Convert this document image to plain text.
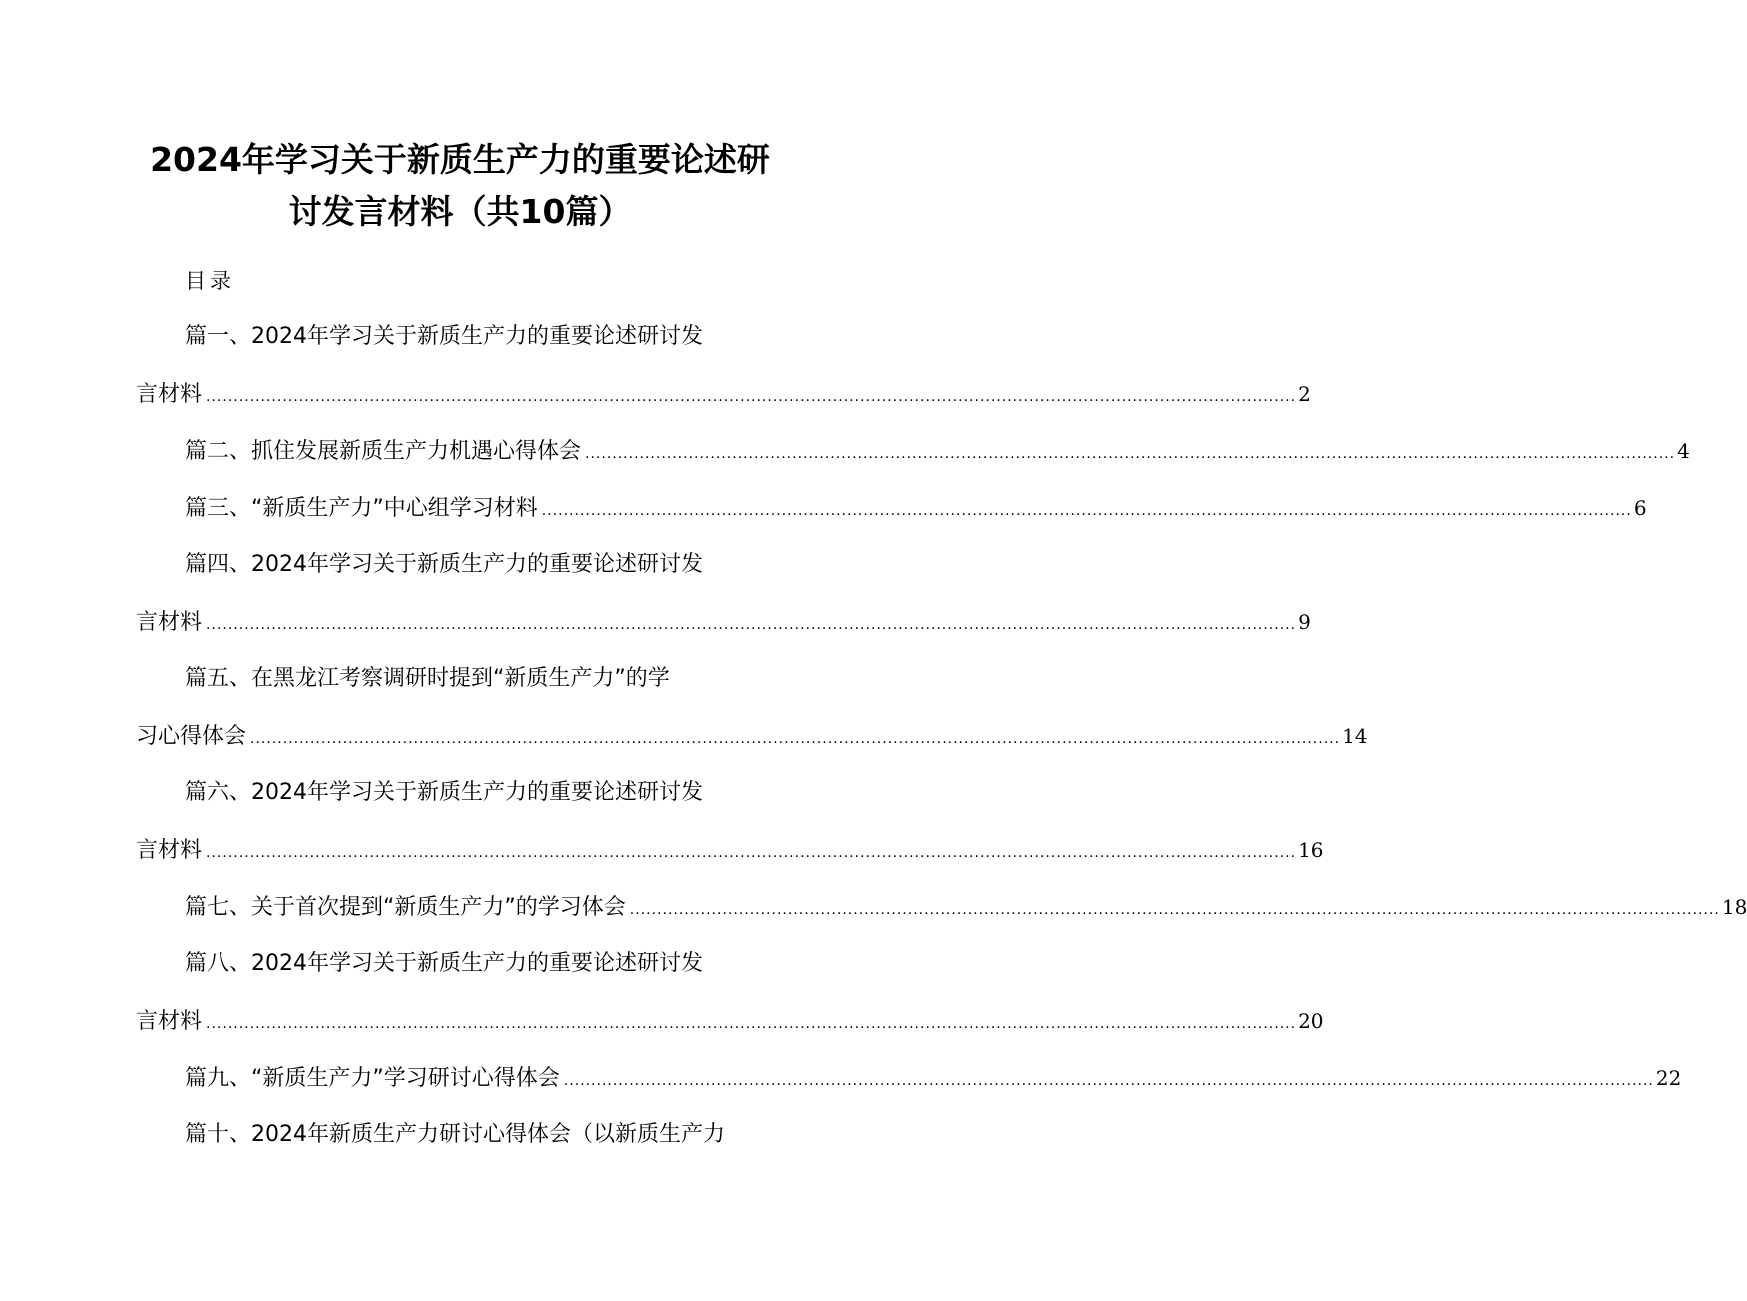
2024年学习关于新质生产力的重要论述研
讨发言材料（共10篇）
目录
篇一、2024年学习关于新质生产力的重要论述研讨发
言材料 ........................................................................................................................................................................................................ 2
篇二、抓住发展新质生产力机遇心得体会 ........................................................................................................................................................................................................ 4
篇三、“新质生产力”中心组学习材料 ........................................................................................................................................................................................................ 6
篇四、2024年学习关于新质生产力的重要论述研讨发
言材料 ........................................................................................................................................................................................................ 9
篇五、在黑龙江考察调研时提到“新质生产力”的学
习心得体会 ........................................................................................................................................................................................................ 14
篇六、2024年学习关于新质生产力的重要论述研讨发
言材料 ........................................................................................................................................................................................................ 16
篇七、关于首次提到“新质生产力”的学习体会 ........................................................................................................................................................................................................ 18
篇八、2024年学习关于新质生产力的重要论述研讨发
言材料 ........................................................................................................................................................................................................ 20
篇九、“新质生产力”学习研讨心得体会 ........................................................................................................................................................................................................ 22
篇十、2024年新质生产力研讨心得体会（以新质生产力
